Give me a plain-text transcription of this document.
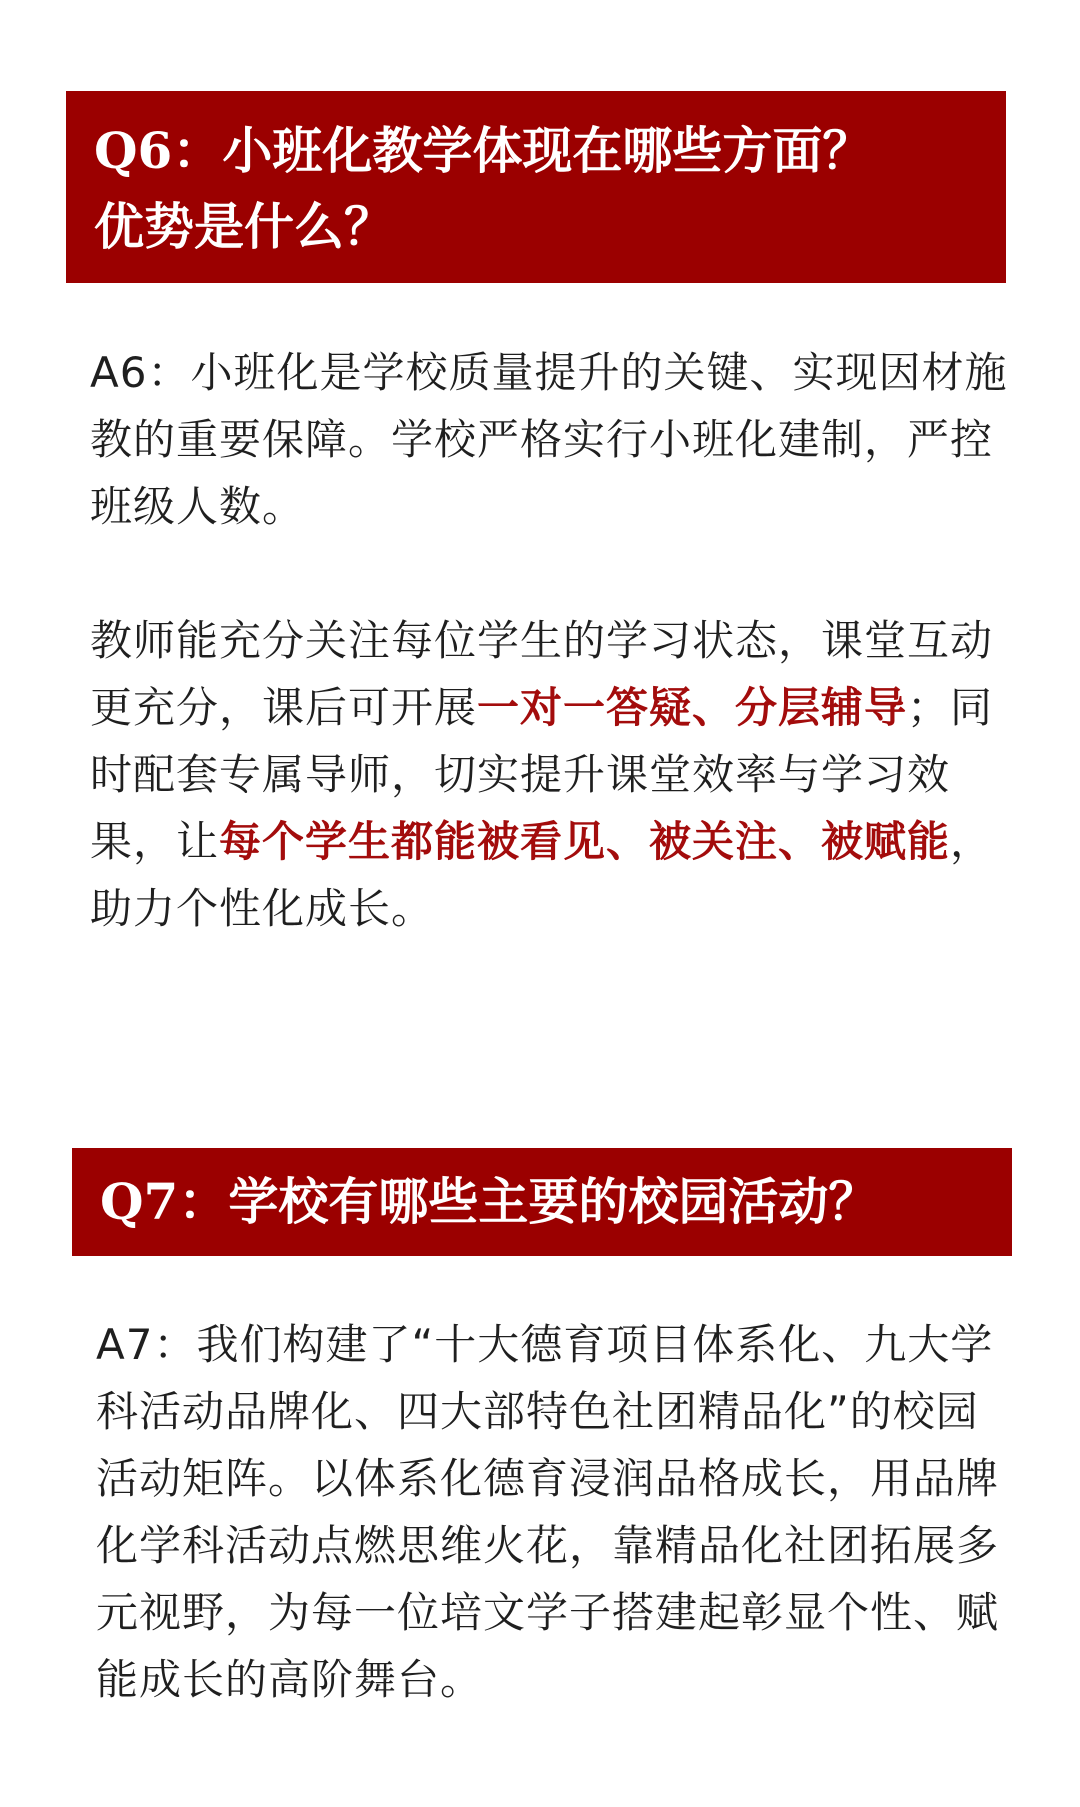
Q6：小班化教学体现在哪些方面？
优势是什么？

A6：小班化是学校质量提升的关键、实现因材施教的重要保障。学校严格实行小班化建制，严控班级人数。

教师能充分关注每位学生的学习状态，课堂互动更充分，课后可开展一对一答疑、分层辅导；同时配套专属导师，切实提升课堂效率与学习效果，让每个学生都能被看见、被关注、被赋能，助力个性化成长。

Q7：学校有哪些主要的校园活动？

A7：我们构建了“十大德育项目体系化、九大学科活动品牌化、四大部特色社团精品化”的校园活动矩阵。以体系化德育浸润品格成长，用品牌化学科活动点燃思维火花，靠精品化社团拓展多元视野，为每一位培文学子搭建起彰显个性、赋能成长的高阶舞台。
